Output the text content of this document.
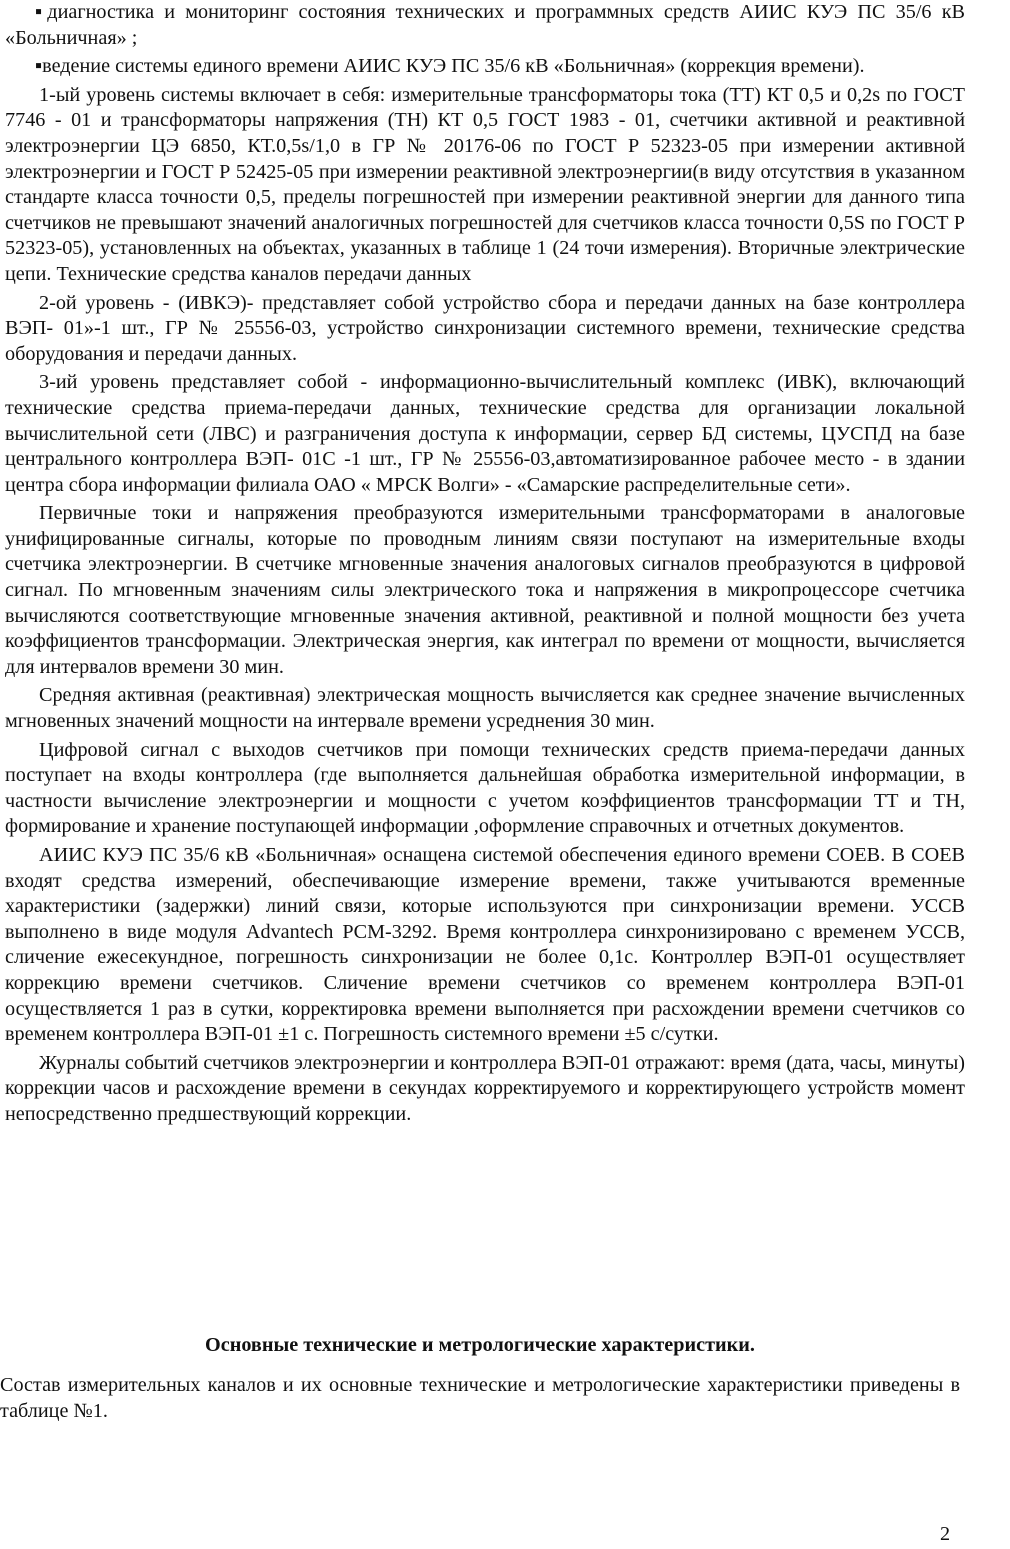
▪диагностика и мониторинг состояния технических и программных средств АИИС КУЭ ПС 35/6 кВ «Больничная» ;

▪ведение системы единого времени АИИС КУЭ ПС 35/6 кВ «Больничная» (коррекция времени).

1-ый уровень системы включает в себя: измерительные трансформаторы тока (ТТ) КТ 0,5 и 0,2s по ГОСТ 7746 - 01 и трансформаторы напряжения (ТН) КТ 0,5 ГОСТ 1983 - 01, счетчики активной и реактивной электроэнергии ЦЭ 6850, КТ.0,5s/1,0 в ГР № 20176-06 по ГОСТ Р 52323-05 при измерении активной электроэнергии и ГОСТ Р 52425-05 при измерении реактивной электроэнергии(в виду отсутствия в указанном стандарте класса точности 0,5, пределы погрешностей при измерении реактивной энергии для данного типа счетчиков не превышают значений аналогичных погрешностей для счетчиков класса точности 0,5S по ГОСТ Р 52323-05), установленных на объектах, указанных в таблице 1 (24 точи измерения). Вторичные электрические цепи. Технические средства каналов передачи данных

2-ой уровень - (ИВКЭ)- представляет собой устройство сбора и передачи данных на базе контроллера ВЭП- 01»-1 шт., ГР № 25556-03, устройство синхронизации системного времени, технические средства оборудования и передачи данных.

3-ий уровень представляет собой - информационно-вычислительный комплекс (ИВК), включающий технические средства приема-передачи данных, технические средства для организации локальной вычислительной сети (ЛВС) и разграничения доступа к информации, сервер БД системы, ЦУСПД на базе центрального контроллера ВЭП- 01С -1 шт., ГР № 25556-03,автоматизированное рабочее место - в здании центра сбора информации филиала ОАО « МРСК Волги» - «Самарские распределительные сети».

Первичные токи и напряжения преобразуются измерительными трансформаторами в аналоговые унифицированные сигналы, которые по проводным линиям связи поступают на измерительные входы счетчика электроэнергии. В счетчике мгновенные значения аналоговых сигналов преобразуются в цифровой сигнал. По мгновенным значениям силы электрического тока и напряжения в микропроцессоре счетчика вычисляются соответствующие мгновенные значения активной, реактивной и полной мощности без учета коэффициентов трансформации. Электрическая энергия, как интеграл по времени от мощности, вычисляется для интервалов времени 30 мин.

Средняя активная (реактивная) электрическая мощность вычисляется как среднее значение вычисленных мгновенных значений мощности на интервале времени усреднения 30 мин.

Цифровой сигнал с выходов счетчиков при помощи технических средств приема-передачи данных поступает на входы контроллера (где выполняется дальнейшая обработка измерительной информации, в частности вычисление электроэнергии и мощности с учетом коэффициентов трансформации ТТ и ТН, формирование и хранение поступающей информации ,оформление справочных и отчетных документов.

АИИС КУЭ ПС 35/6 кВ «Больничная» оснащена системой обеспечения единого времени СОЕВ. В СОЕВ входят средства измерений, обеспечивающие измерение времени, также учитываются временные характеристики (задержки) линий связи, которые используются при синхронизации времени. УССВ выполнено в виде модуля Advantech PCM-3292. Время контроллера синхронизировано с временем УССВ, сличение ежесекундное, погрешность синхронизации не более 0,1с. Контроллер ВЭП-01 осуществляет коррекцию времени счетчиков. Сличение времени счетчиков со временем контроллера ВЭП-01 осуществляется 1 раз в сутки, корректировка времени выполняется при расхождении времени счетчиков со временем контроллера ВЭП-01 ±1 с. Погрешность системного времени ±5 с/сутки.

Журналы событий счетчиков электроэнергии и контроллера ВЭП-01 отражают: время (дата, часы, минуты) коррекции часов и расхождение времени в секундах корректируемого и корректирующего устройств момент непосредственно предшествующий коррекции.

Основные технические и метрологические характеристики.

Состав измерительных каналов и их основные технические и метрологические характеристики приведены в таблице №1.

2
